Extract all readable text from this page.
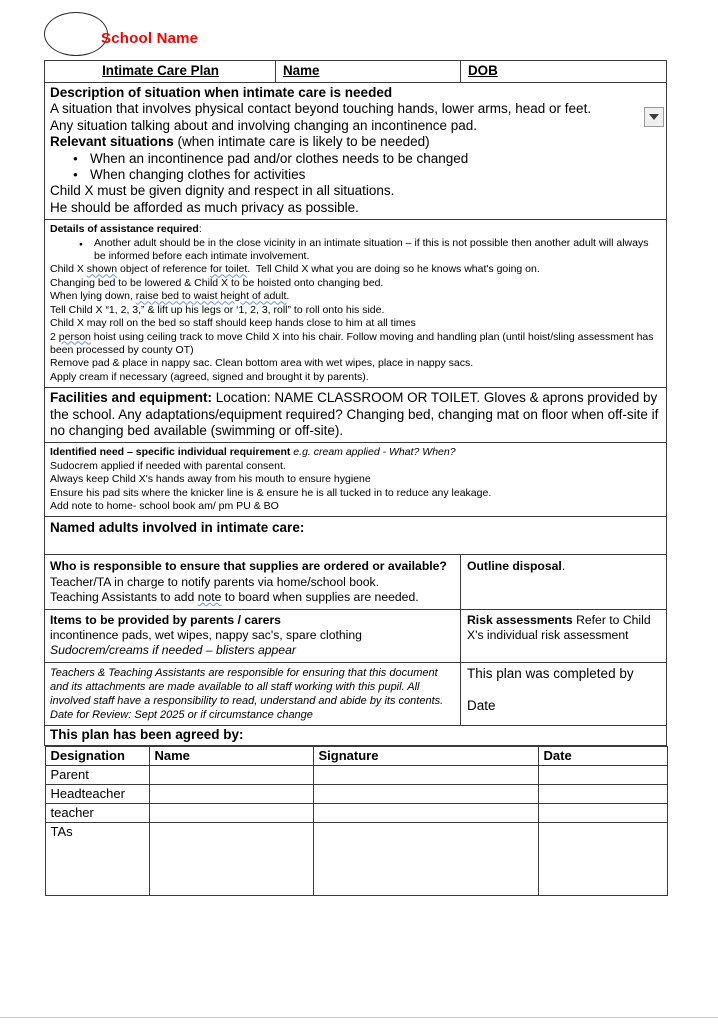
School Name
Intimate Care Plan	Name	DOB

Description of situation when intimate care is needed
A situation that involves physical contact beyond touching hands, lower arms, head or feet.
Any situation talking about and involving changing an incontinence pad.
Relevant situations (when intimate care is likely to be needed)
● When an incontinence pad and/or clothes needs to be changed
● When changing clothes for activities
Child X must be given dignity and respect in all situations.
He should be afforded as much privacy as possible.

Details of assistance required:
● Another adult should be in the close vicinity in an intimate situation – if this is not possible then another adult will always be informed before each intimate involvement.
Child X shown object of reference for toilet.  Tell Child X what you are doing so he knows what's going on.
Changing bed to be lowered & Child X to be hoisted onto changing bed.
When lying down, raise bed to waist height of adult.
Tell Child X “1, 2, 3,” & lift up his legs or ‘1, 2, 3, roll” to roll onto his side.
Child X may roll on the bed so staff should keep hands close to him at all times
2 person hoist using ceiling track to move Child X into his chair. Follow moving and handling plan (until hoist/sling assessment has been processed by county OT)
Remove pad & place in nappy sac. Clean bottom area with wet wipes, place in nappy sacs.
Apply cream if necessary (agreed, signed and brought it by parents).

Facilities and equipment: Location: NAME CLASSROOM OR TOILET. Gloves & aprons provided by the school. Any adaptations/equipment required? Changing bed, changing mat on floor when off-site if no changing bed available (swimming or off-site).

Identified need – specific individual requirement e.g. cream applied - What? When?
Sudocrem applied if needed with parental consent.
Always keep Child X's hands away from his mouth to ensure hygiene
Ensure his pad sits where the knicker line is & ensure he is all tucked in to reduce any leakage.
Add note to home- school book am/ pm PU & BO

Named adults involved in intimate care:

Who is responsible to ensure that supplies are ordered or available?
Teacher/TA in charge to notify parents via home/school book.
Teaching Assistants to add note to board when supplies are needed.
	Outline disposal.

Items to be provided by parents / carers
incontinence pads, wet wipes, nappy sac's, spare clothing
Sudocrem/creams if needed – blisters appear
	Risk assessments Refer to Child X's individual risk assessment

Teachers & Teaching Assistants are responsible for ensuring that this document and its attachments are made available to all staff working with this pupil. All involved staff have a responsibility to read, understand and abide by its contents.
Date for Review: Sept 2025 or if circumstance change

This plan was completed by

Date

This plan has been agreed by:

Designation	Name	Signature	Date
Parent			
Headteacher			
teacher			
TAs			
